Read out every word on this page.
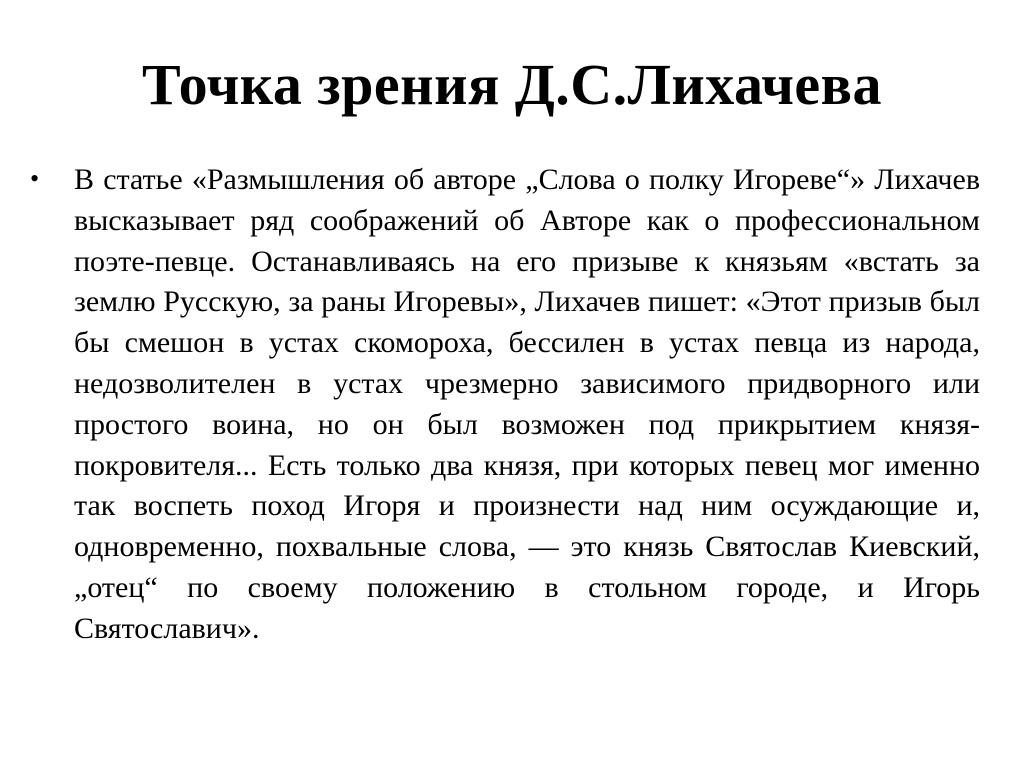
Точка зрения Д.С.Лихачева
• В статье «Размышления об авторе „Слова о полку Игореве“» Лихачев высказывает ряд соображений об Авторе как о профессиональном поэте-певце. Останавливаясь на его призыве к князьям «встать за землю Русскую, за раны Игоревы», Лихачев пишет: «Этот призыв был бы смешон в устах скомороха, бессилен в устах певца из народа, недозволителен в устах чрезмерно зависимого придворного или простого воина, но он был возможен под прикрытием князя-покровителя... Есть только два князя, при которых певец мог именно так воспеть поход Игоря и произнести над ним осуждающие и, одновременно, похвальные слова, — это князь Святослав Киевский, „отец“ по своему положению в стольном городе, и Игорь Святославич».
